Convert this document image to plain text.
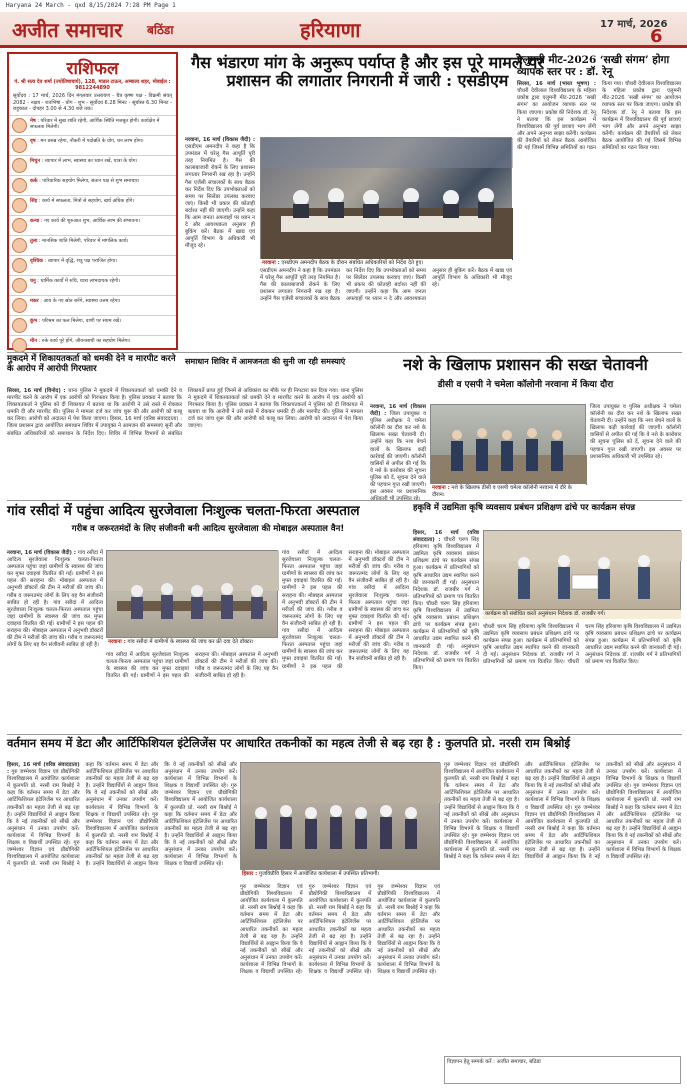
Haryana 24 March - qxd 8/15/2024 7:28 PM Page 1
अजीत समाचार बठिंडा	हरियाणा	17 मार्च, 2026
6
राशिफल
पं. श्री सत्य देव शर्मा (ज्योतिषाचार्य), 128, माडल टाऊन, अम्बाला शहर, मोबाईल : 9812244890
सूर्योदय : 17 मार्च, 2026 दिन मंगलवार उत्तरायण - चैत्र कृष्ण पक्ष - विक्रमी संवत् 2082 - नक्षत्र - शतभिषा - योग - शुभ - सूर्योदय 6.28 मिनट - सूर्यास्त 6.30 मिनट - राहुकाल - दोपहर 3.00 से 4.30 बजे तक।
मेष : परिवार में सुख शांति रहेगी, आर्थिक स्थिति मजबूत होगी। कार्यक्षेत्र में सफलता मिलेगी।
वृष : मन प्रसन्न रहेगा, नौकरी में पदोन्नति के योग, धन लाभ होगा।
मिथुन : व्यापार में लाभ, स्वास्थ्य का ध्यान रखें, यात्रा के योग।
कर्क : पारिवारिक सहयोग मिलेगा, संतान पक्ष से शुभ समाचार।
सिंह : कार्य में सफलता, मित्रों से सहयोग, खर्च अधिक होंगे।
कन्या : नए कार्य की शुरुआत शुभ, आर्थिक लाभ की संभावना।
तुला : मानसिक शांति मिलेगी, परिवार में मांगलिक कार्य।
वृश्चिक : व्यापार में वृद्धि, शत्रु पक्ष पराजित होगा।
धनु : धार्मिक कार्यों में रुचि, यात्रा लाभदायक रहेगी।
मकर : आय के नए स्रोत बनेंगे, स्वास्थ्य उत्तम रहेगा।
कुंभ : परिश्रम का फल मिलेगा, वाणी पर संयम रखें।
मीन : रुके कार्य पूरे होंगे, जीवनसाथी का सहयोग मिलेगा।
गैस भंडारण मांग के अनुरूप पर्याप्त है और इस पूरे मामले पर प्रशासन की लगातार निगरानी में जारी : एसडीएम
नरवाना, 16 मार्च (विकास जैदी) : एसडीएम अमनदीप ने कहा है कि उपमंडल में घरेलू गैस आपूर्ति पूरी तरह नियमित है। गैस की कालाबाजारी रोकने के लिए प्रशासन लगातार निगरानी रख रहा है। उन्होंने गैस एजेंसी संचालकों के साथ बैठक कर निर्देश दिए कि उपभोक्ताओं को समय पर सिलेंडर उपलब्ध करवाए जाएं। किसी भी प्रकार की कोताही बर्दाश्त नहीं की जाएगी। उन्होंने कहा कि आम जनता अफवाहों पर ध्यान न दे और आवश्यकता अनुसार ही बुकिंग करें। बैठक में खाद्य एवं आपूर्ति विभाग के अधिकारी भी मौजूद रहे।
नरवाना : एसडीएम अमनदीप बैठक के दौरान संबंधित अधिकारियों को निर्देश देते हुए।
एसडीएम अमनदीप ने कहा है कि उपमंडल में घरेलू गैस आपूर्ति पूरी तरह नियमित है। गैस की कालाबाजारी रोकने के लिए प्रशासन लगातार निगरानी रख रहा है। उन्होंने गैस एजेंसी संचालकों के साथ बैठक कर निर्देश दिए कि उपभोक्ताओं को समय पर सिलेंडर उपलब्ध करवाए जाएं। किसी भी प्रकार की कोताही बर्दाश्त नहीं की जाएगी। उन्होंने कहा कि आम जनता अफवाहों पर ध्यान न दे और आवश्यकता अनुसार ही बुकिंग करें। बैठक में खाद्य एवं आपूर्ति विभाग के अधिकारी भी मौजूद रहे।
एलुमनी मीट-2026 ‘सखी संगम’ होगा व्यापक स्तर पर : डॉ. रेनू
सिरसा, 16 मार्च (भारत भूषण) : चौधरी देवीलाल विश्वविद्यालय के महिला प्रकोष्ठ द्वारा एलुमनी मीट-2026 ‘सखी संगम’ का आयोजन व्यापक स्तर पर किया जाएगा। प्रकोष्ठ की निदेशक डॉ. रेनू ने बताया कि इस कार्यक्रम में विश्वविद्यालय की पूर्व छात्राएं भाग लेंगी और अपने अनुभव साझा करेंगी। कार्यक्रम की तैयारियों को लेकर बैठक आयोजित की गई जिसमें विभिन्न समितियों का गठन किया गया। चौधरी देवीलाल विश्वविद्यालय के महिला प्रकोष्ठ द्वारा एलुमनी मीट-2026 ‘सखी संगम’ का आयोजन व्यापक स्तर पर किया जाएगा। प्रकोष्ठ की निदेशक डॉ. रेनू ने बताया कि इस कार्यक्रम में विश्वविद्यालय की पूर्व छात्राएं भाग लेंगी और अपने अनुभव साझा करेंगी। कार्यक्रम की तैयारियों को लेकर बैठक आयोजित की गई जिसमें विभिन्न समितियों का गठन किया गया।
समाधान शिविर में आमजनता की सुनी जा रही समस्याएं
मुकदमे में शिकायतकर्ता को धमकी देने व मारपीट करने के आरोप में आरोपी गिरफ्तार
सिरसा, 16 मार्च (विनोद) : थाना पुलिस ने मुकदमे में शिकायतकर्ता को धमकी देने व मारपीट करने के आरोप में एक आरोपी को गिरफ्तार किया है। पुलिस प्रवक्ता ने बताया कि शिकायतकर्ता ने पुलिस को दी शिकायत में बताया था कि आरोपी ने उसे रास्ते में रोककर धमकी दी और मारपीट की। पुलिस ने मामला दर्ज कर जांच शुरू की और आरोपी को काबू कर लिया। आरोपी को अदालत में पेश किया जाएगा। हिसार, 16 मार्च (वरिष्ठ संवाददाता) : जिला प्रशासन द्वारा आयोजित समाधान शिविर में उपायुक्त ने आमजन की समस्याएं सुनीं और संबंधित अधिकारियों को समाधान के निर्देश दिए। शिविर में विभिन्न विभागों से संबंधित शिकायतें प्राप्त हुईं जिनमें से अधिकांश का मौके पर ही निपटारा कर दिया गया। थाना पुलिस ने मुकदमे में शिकायतकर्ता को धमकी देने व मारपीट करने के आरोप में एक आरोपी को गिरफ्तार किया है। पुलिस प्रवक्ता ने बताया कि शिकायतकर्ता ने पुलिस को दी शिकायत में बताया था कि आरोपी ने उसे रास्ते में रोककर धमकी दी और मारपीट की। पुलिस ने मामला दर्ज कर जांच शुरू की और आरोपी को काबू कर लिया। आरोपी को अदालत में पेश किया जाएगा।
नशे के खिलाफ प्रशासन की सख्त चेतावनी
डीसी व एसपी ने चमेला कॉलोनी नरवाना में किया दौरा
नरवाना, 16 मार्च (विकास जैदी) : जिला उपायुक्त व पुलिस अधीक्षक ने चमेला कॉलोनी का दौरा कर नशे के खिलाफ सख्त चेतावनी दी। उन्होंने कहा कि नशा बेचने वालों के खिलाफ कड़ी कार्रवाई की जाएगी। कॉलोनी वासियों से अपील की गई कि वे नशे के कारोबार की सूचना पुलिस को दें, सूचना देने वाले की पहचान गुप्त रखी जाएगी। इस अवसर पर प्रशासनिक
नरवाना : नशे के खिलाफ डीसी व एसपी चमेला कॉलोनी नरवाना में दौरे के दौरान।
जिला उपायुक्त व पुलिस अधीक्षक ने चमेला कॉलोनी का दौरा कर नशे के खिलाफ सख्त चेतावनी दी। उन्होंने कहा कि नशा बेचने वालों के खिलाफ कड़ी कार्रवाई की जाएगी। कॉलोनी वासियों से अपील की गई कि वे नशे के कारोबार की सूचना पुलिस को दें, सूचना देने वाले की पहचान गुप्त रखी जाएगी। इस अवसर पर प्रशासनिक अधिकारी भी उपस्थित रहे।
गांव रसीदां में पहुंचा आदित्य सुरजेवाला निःशुल्क चलता-फिरता अस्पताल
गरीब व जरूरतमंदों के लिए संजीवनी बनी आदित्य सुरजेवाला की मोबाइल अस्पताल वैन!
नरवाना, 16 मार्च (विकास जैदी) : गांव रसीदां में आदित्य सुरजेवाला निःशुल्क चलता-फिरता अस्पताल पहुंचा जहां ग्रामीणों के स्वास्थ्य की जांच कर मुफ्त दवाइयां वितरित की गईं। ग्रामीणों ने इस पहल की सराहना की। मोबाइल अस्पताल में अनुभवी डॉक्टरों की टीम ने मरीजों की जांच की। गरीब व जरूरतमंद लोगों के लिए यह वैन संजीवनी साबित हो रही है। गांव रसीदां में आदित्य सुरजेवाला निःशुल्क चलता-फिरता अस्पताल पहुंचा जहां ग्रामीणों के स्वास्थ्य की जांच कर मुफ्त दवाइयां वितरित की गईं। ग्रामीणों ने इस पहल की सराहना की। मोबाइल अस्पताल में अनुभवी डॉक्टरों की टीम ने मरीजों की जांच की। गरीब व जरूरतमंद लोगों के लिए यह वैन संजीवनी साबित हो रही है।
नरवाना : गांव रसीदां में ग्रामीणों के स्वास्थ्य की जांच कर फ्री दवा देते डॉक्टर।
गांव रसीदां में आदित्य सुरजेवाला निःशुल्क चलता-फिरता अस्पताल पहुंचा जहां ग्रामीणों के स्वास्थ्य की जांच कर मुफ्त दवाइयां वितरित की गईं। ग्रामीणों ने इस पहल की सराहना की। मोबाइल अस्पताल में अनुभवी डॉक्टरों की टीम ने मरीजों की जांच की। गरीब व जरूरतमंद लोगों के लिए यह वैन संजीवनी साबित हो रही है।
गांव रसीदां में आदित्य सुरजेवाला निःशुल्क चलता-फिरता अस्पताल पहुंचा जहां ग्रामीणों के स्वास्थ्य की जांच कर मुफ्त दवाइयां वितरित की गईं। ग्रामीणों ने इस पहल की सराहना की। मोबाइल अस्पताल में अनुभवी डॉक्टरों की टीम ने मरीजों की जांच की। गरीब व जरूरतमंद लोगों के लिए यह वैन संजीवनी साबित हो रही है। गांव रसीदां में आदित्य सुरजेवाला निःशुल्क चलता-फिरता अस्पताल पहुंचा जहां ग्रामीणों के स्वास्थ्य की जांच कर मुफ्त दवाइयां वितरित की गईं। ग्रामीणों ने इस पहल की सराहना की। मोबाइल अस्पताल में अनुभवी डॉक्टरों की टीम ने मरीजों की जांच की। गरीब व जरूरतमंद लोगों के लिए यह वैन संजीवनी साबित हो रही है। गांव रसीदां में आदित्य सुरजेवाला निःशुल्क चलता-फिरता अस्पताल पहुंचा जहां ग्रामीणों के स्वास्थ्य की जांच कर मुफ्त दवाइयां वितरित की गईं। ग्रामीणों ने इस पहल की सराहना की। मोबाइल अस्पताल में अनुभवी डॉक्टरों की टीम ने मरीजों की जांच की। गरीब व जरूरतमंद लोगों के लिए यह वैन संजीवनी साबित हो रही है।
हकृवि में उद्यमिता कृषि व्यवसाय प्रबंधन प्रशिक्षण ढांचे पर कार्यक्रम संपन्न
हिसार, 16 मार्च (वरिष्ठ संवाददाता) : चौधरी चरण सिंह हरियाणा कृषि विश्वविद्यालय में उद्यमिता कृषि व्यवसाय प्रबंधन प्रशिक्षण ढांचे पर कार्यक्रम संपन्न हुआ। कार्यक्रम में प्रतिभागियों को कृषि आधारित उद्यम स्थापित करने की जानकारी दी गई। अनुसंधान निदेशक डॉ. राजबीर गर्ग ने प्रतिभागियों को प्रमाण पत्र वितरित किए। चौधरी चरण सिंह हरियाणा कृषि विश्वविद्यालय में उद्यमिता कृषि व्यवसाय प्रबंधन प्रशिक्षण ढांचे पर कार्यक्रम संपन्न हुआ। कार्यक्रम में प्रतिभागियों को कृषि आधारित उद्यम स्थापित करने की जानकारी दी गई। अनुसंधान निदेशक डॉ. राजबीर गर्ग ने प्रतिभागियों को प्रमाण पत्र वितरित किए।
कार्यक्रम को संबोधित करते अनुसंधान निदेशक डॉ. राजबीर गर्ग।
चौधरी चरण सिंह हरियाणा कृषि विश्वविद्यालय में उद्यमिता कृषि व्यवसाय प्रबंधन प्रशिक्षण ढांचे पर कार्यक्रम संपन्न हुआ। कार्यक्रम में प्रतिभागियों को कृषि आधारित उद्यम स्थापित करने की जानकारी दी गई। अनुसंधान निदेशक डॉ. राजबीर गर्ग ने प्रतिभागियों को प्रमाण पत्र वितरित किए। चौधरी चरण सिंह हरियाणा कृषि विश्वविद्यालय में उद्यमिता कृषि व्यवसाय प्रबंधन प्रशिक्षण ढांचे पर कार्यक्रम संपन्न हुआ। कार्यक्रम में प्रतिभागियों को कृषि आधारित उद्यम स्थापित करने की जानकारी दी गई। अनुसंधान निदेशक डॉ. राजबीर गर्ग ने प्रतिभागियों को प्रमाण पत्र वितरित किए।
वर्तमान समय में डेटा और आर्टिफिशियल इंटेलिजेंस पर आधारित तकनीकों का महत्व तेजी से बढ़ रहा है : कुलपति प्रो. नरसी राम बिश्नोई
हिसार, 16 मार्च (वरिष्ठ संवाददाता) : गुरु जम्भेश्वर विज्ञान एवं प्रौद्योगिकी विश्वविद्यालय में आयोजित कार्यशाला में कुलपति प्रो. नरसी राम बिश्नोई ने कहा कि वर्तमान समय में डेटा और आर्टिफिशियल इंटेलिजेंस पर आधारित तकनीकों का महत्व तेजी से बढ़ रहा है। उन्होंने विद्यार्थियों से आह्वान किया कि वे नई तकनीकों को सीखें और अनुसंधान में उनका उपयोग करें। कार्यशाला में विभिन्न विभागों के शिक्षक व विद्यार्थी उपस्थित रहे। गुरु जम्भेश्वर विज्ञान एवं प्रौद्योगिकी विश्वविद्यालय में आयोजित कार्यशाला में कुलपति प्रो. नरसी राम बिश्नोई ने कहा कि वर्तमान समय में डेटा और आर्टिफिशियल इंटेलिजेंस पर आधारित तकनीकों का महत्व तेजी से बढ़ रहा है। उन्होंने विद्यार्थियों से आह्वान किया कि वे नई तकनीकों को सीखें और अनुसंधान में उनका उपयोग करें। कार्यशाला में विभिन्न विभागों के शिक्षक व विद्यार्थी उपस्थित रहे। गुरु जम्भेश्वर विज्ञान एवं प्रौद्योगिकी विश्वविद्यालय में आयोजित कार्यशाला में कुलपति प्रो. नरसी राम बिश्नोई ने कहा कि वर्तमान समय में डेटा और आर्टिफिशियल इंटेलिजेंस पर आधारित तकनीकों का महत्व तेजी से बढ़ रहा है। उन्होंने विद्यार्थियों से आह्वान किया कि वे नई तकनीकों को सीखें और अनुसंधान में उनका उपयोग करें। कार्यशाला में विभिन्न विभागों के शिक्षक व विद्यार्थी उपस्थित रहे। गुरु जम्भेश्वर विज्ञान एवं प्रौद्योगिकी विश्वविद्यालय में आयोजित कार्यशाला में कुलपति प्रो. नरसी राम बिश्नोई ने कहा कि वर्तमान समय में डेटा और आर्टिफिशियल इंटेलिजेंस पर आधारित तकनीकों का महत्व तेजी से बढ़ रहा है। उन्होंने विद्यार्थियों से आह्वान किया कि वे नई तकनीकों को सीखें और अनुसंधान में उनका उपयोग करें। कार्यशाला में विभिन्न विभागों के शिक्षक व विद्यार्थी उपस्थित रहे।
हिसार : गुजविप्रौवि हिसार में आयोजित कार्यशाला में उपस्थित प्रतिभागी।
गुरु जम्भेश्वर विज्ञान एवं प्रौद्योगिकी विश्वविद्यालय में आयोजित कार्यशाला में कुलपति प्रो. नरसी राम बिश्नोई ने कहा कि वर्तमान समय में डेटा और आर्टिफिशियल इंटेलिजेंस पर आधारित तकनीकों का महत्व तेजी से बढ़ रहा है। उन्होंने विद्यार्थियों से आह्वान किया कि वे नई तकनीकों को सीखें और अनुसंधान में उनका उपयोग करें। कार्यशाला में विभिन्न विभागों के शिक्षक व विद्यार्थी उपस्थित रहे। गुरु जम्भेश्वर विज्ञान एवं प्रौद्योगिकी विश्वविद्यालय में आयोजित कार्यशाला में कुलपति प्रो. नरसी राम बिश्नोई ने कहा कि वर्तमान समय में डेटा और आर्टिफिशियल इंटेलिजेंस पर आधारित तकनीकों का महत्व तेजी से बढ़ रहा है। उन्होंने विद्यार्थियों से आह्वान किया कि वे नई तकनीकों को सीखें और अनुसंधान में उनका उपयोग करें। कार्यशाला में विभिन्न विभागों के शिक्षक व विद्यार्थी उपस्थित रहे। गुरु जम्भेश्वर विज्ञान एवं प्रौद्योगिकी विश्वविद्यालय में आयोजित कार्यशाला में कुलपति प्रो. नरसी राम बिश्नोई ने कहा कि वर्तमान समय में डेटा और आर्टिफिशियल इंटेलिजेंस पर आधारित तकनीकों का महत्व तेजी से बढ़ रहा है। उन्होंने विद्यार्थियों से आह्वान किया कि वे नई तकनीकों को सीखें और अनुसंधान में उनका उपयोग करें। कार्यशाला में विभिन्न विभागों के शिक्षक व विद्यार्थी उपस्थित रहे।
गुरु जम्भेश्वर विज्ञान एवं प्रौद्योगिकी विश्वविद्यालय में आयोजित कार्यशाला में कुलपति प्रो. नरसी राम बिश्नोई ने कहा कि वर्तमान समय में डेटा और आर्टिफिशियल इंटेलिजेंस पर आधारित तकनीकों का महत्व तेजी से बढ़ रहा है। उन्होंने विद्यार्थियों से आह्वान किया कि वे नई तकनीकों को सीखें और अनुसंधान में उनका उपयोग करें। कार्यशाला में विभिन्न विभागों के शिक्षक व विद्यार्थी उपस्थित रहे। गुरु जम्भेश्वर विज्ञान एवं प्रौद्योगिकी विश्वविद्यालय में आयोजित कार्यशाला में कुलपति प्रो. नरसी राम बिश्नोई ने कहा कि वर्तमान समय में डेटा और आर्टिफिशियल इंटेलिजेंस पर आधारित तकनीकों का महत्व तेजी से बढ़ रहा है। उन्होंने विद्यार्थियों से आह्वान किया कि वे नई तकनीकों को सीखें और अनुसंधान में उनका उपयोग करें। कार्यशाला में विभिन्न विभागों के शिक्षक व विद्यार्थी उपस्थित रहे। गुरु जम्भेश्वर विज्ञान एवं प्रौद्योगिकी विश्वविद्यालय में आयोजित कार्यशाला में कुलपति प्रो. नरसी राम बिश्नोई ने कहा कि वर्तमान समय में डेटा और आर्टिफिशियल इंटेलिजेंस पर आधारित तकनीकों का महत्व तेजी से बढ़ रहा है। उन्होंने विद्यार्थियों से आह्वान किया कि वे नई तकनीकों को सीखें और अनुसंधान में उनका उपयोग करें। कार्यशाला में विभिन्न विभागों के शिक्षक व विद्यार्थी उपस्थित रहे। गुरु जम्भेश्वर विज्ञान एवं प्रौद्योगिकी विश्वविद्यालय में आयोजित कार्यशाला में कुलपति प्रो. नरसी राम बिश्नोई ने कहा कि वर्तमान समय में डेटा और आर्टिफिशियल इंटेलिजेंस पर आधारित तकनीकों का महत्व तेजी से बढ़ रहा है। उन्होंने विद्यार्थियों से आह्वान किया कि वे नई तकनीकों को सीखें और अनुसंधान में उनका उपयोग करें। कार्यशाला में विभिन्न विभागों के शिक्षक व विद्यार्थी उपस्थित रहे।
विज्ञापन हेतु सम्पर्क करें : अजीत समाचार, बठिंडा
